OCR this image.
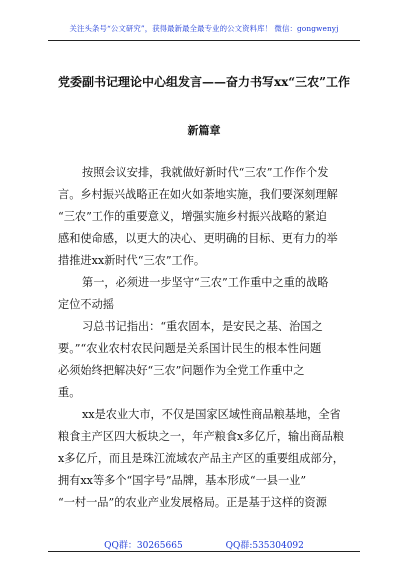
关注头条号“公文研究”，获得最新最全最专业的公文资料库！ 微信：gongwenyj
党委副书记理论中心组发言——奋力书写xx“三农”工作
新篇章
按照会议安排，我就做好新时代“三农”工作作个发
言。乡村振兴战略正在如火如荼地实施，我们要深刻理解
“三农”工作的重要意义，增强实施乡村振兴战略的紧迫
感和使命感，以更大的决心、更明确的目标、更有力的举
措推进xx新时代“三农”工作。
第一，必须进一步坚守“三农”工作重中之重的战略
定位不动摇
习总书记指出：“重农固本，是安民之基、治国之
要。”“农业农村农民问题是关系国计民生的根本性问题
必须始终把解决好“三农”问题作为全党工作重中之
重。
xx是农业大市，不仅是国家区域性商品粮基地，全省
粮食主产区四大板块之一，年产粮食x多亿斤，输出商品粮
x多亿斤，而且是珠江流域农产品主产区的重要组成部分，
拥有xx等多个“国字号”品牌，基本形成“一县一业”
“一村一品”的农业产业发展格局。正是基于这样的资源
QQ群：30265665	QQ群:535304092
